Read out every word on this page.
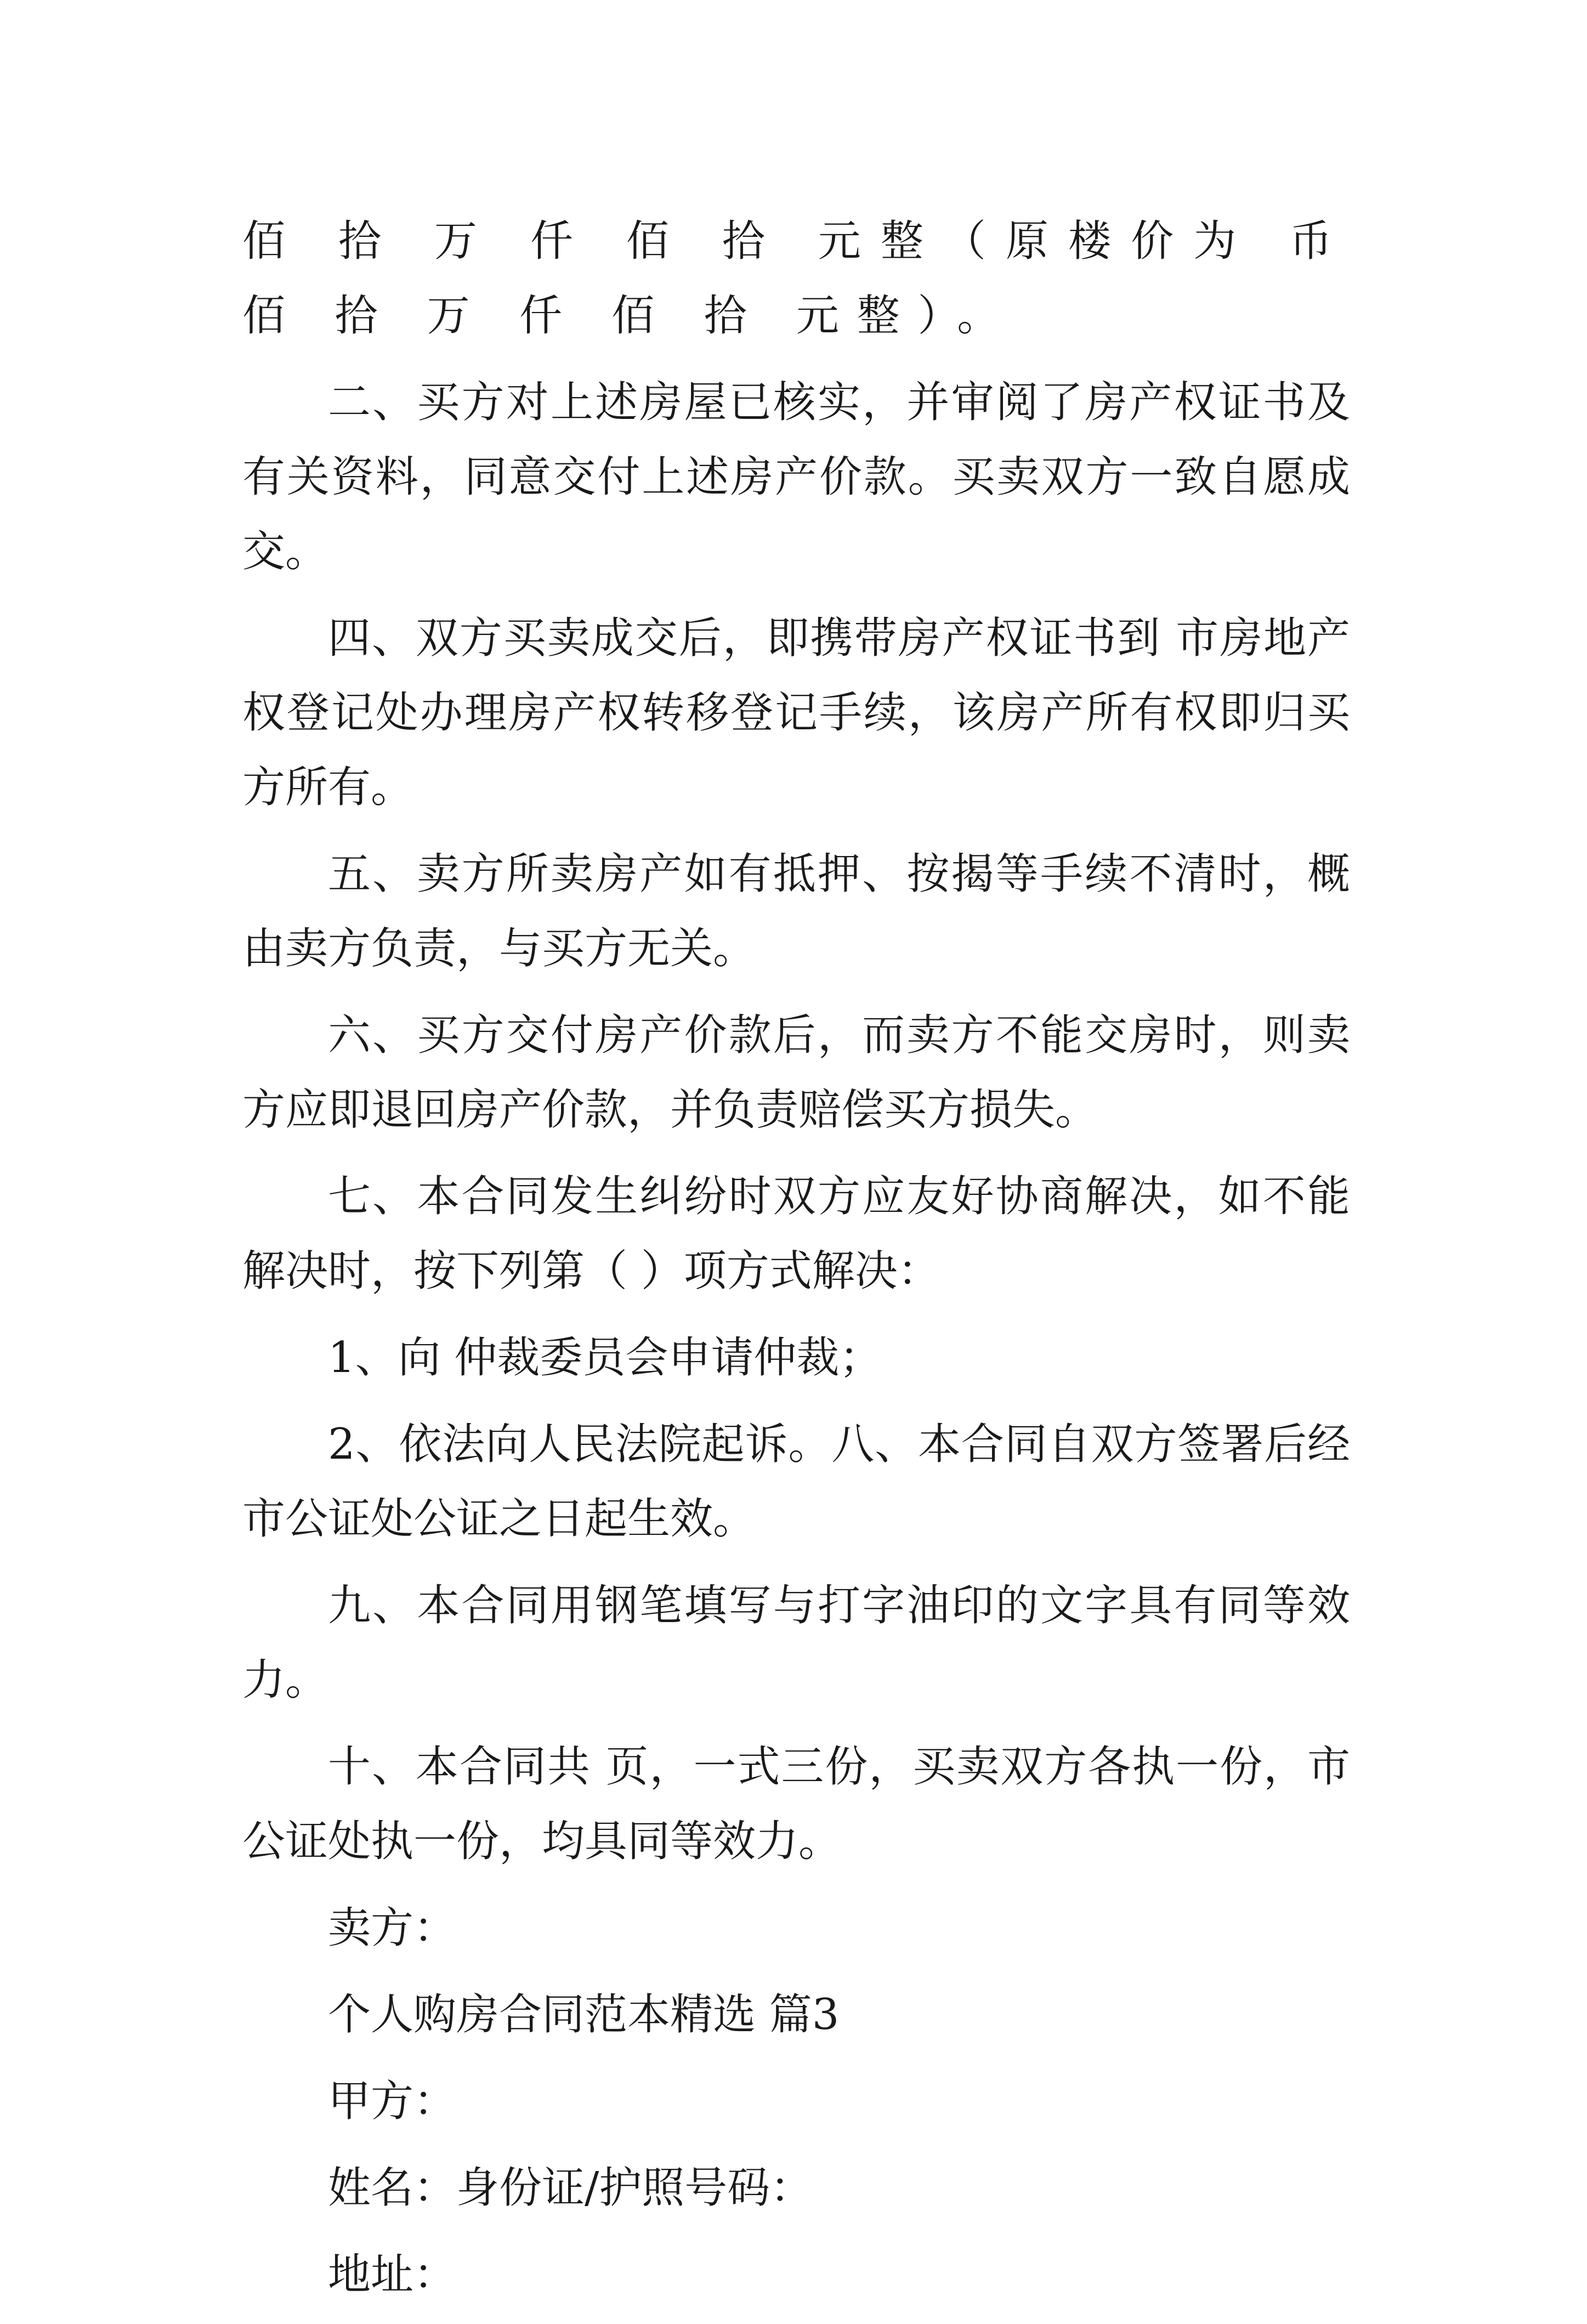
佰 拾 万 仟 佰 拾 元整（原楼价为 币 佰 拾 万 仟 佰 拾 元整）。

二、买方对上述房屋已核实，并审阅了房产权证书及有关资料，同意交付上述房产价款。买卖双方一致自愿成交。

四、双方买卖成交后，即携带房产权证书到 市房地产权登记处办理房产权转移登记手续，该房产所有权即归买方所有。

五、卖方所卖房产如有抵押、按揭等手续不清时，概由卖方负责，与买方无关。

六、买方交付房产价款后，而卖方不能交房时，则卖方应即退回房产价款，并负责赔偿买方损失。

七、本合同发生纠纷时双方应友好协商解决，如不能解决时，按下列第（ ）项方式解决：

1、向 仲裁委员会申请仲裁；

2、依法向人民法院起诉。八、本合同自双方签署后经 市公证处公证之日起生效。

九、本合同用钢笔填写与打字油印的文字具有同等效力。

十、本合同共 页，一式三份，买卖双方各执一份，市公证处执一份，均具同等效力。

卖方：
个人购房合同范本精选 篇3
甲方：
姓名：身份证/护照号码：
地址：
